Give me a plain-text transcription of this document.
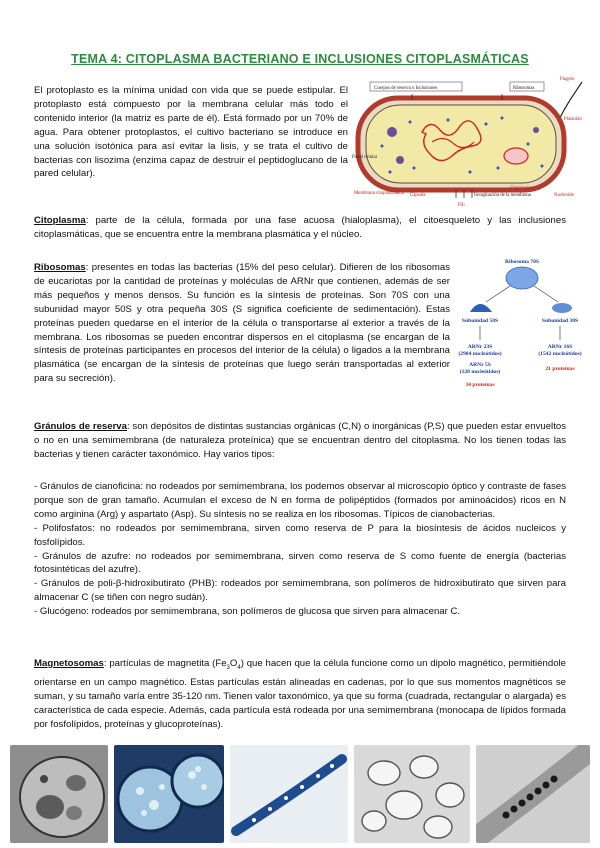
TEMA 4: CITOPLASMA BACTERIANO E INCLUSIONES CITOPLASMÁTICAS

El protoplasto es la mínima unidad con vida que se puede estipular. El protoplasto está compuesto por la membrana celular más todo el contenido interior (la matriz es parte de él). Está formado por un 70% de agua. Para obtener protoplastos, el cultivo bacteriano se introduce en una solución isotónica para así evitar la lisis, y se trata el cultivo de bacterias con lisozima (enzima capaz de destruir el peptidoglucano de la pared celular).

Flagelo
Cuerpos de reserva o Inclusiones	Ribosomas
Plásmido
Pared celular
Membrana citoplasmática Cápsula
Pili
Invaginación de la membrana
Citoplasma
Nucleoide

Citoplasma: parte de la célula, formada por una fase acuosa (hialoplasma), el citoesqueleto y las inclusiones citoplasmáticas, que se encuentra entre la membrana plasmática y el núcleo.

Ribosomas: presentes en todas las bacterias (15% del peso celular). Difieren de los ribosomas de eucariotas por la cantidad de proteínas y moléculas de ARNr que contienen, además de ser más pequeños y menos densos. Su función es la síntesis de proteínas. Son 70S con una subunidad mayor 50S y otra pequeña 30S (S significa coeficiente de sedimentación). Estas proteínas pueden quedarse en el interior de la célula o transportarse al exterior a través de la membrana. Los ribosomas se pueden encontrar dispersos en el citoplasma (se encargan de la síntesis de proteínas participantes en procesos del interior de la célula) o ligados a la membrana plasmática (se encargan de la síntesis de proteínas que luego serán transportadas al exterior para su secreción).

Ribosoma 70S
Subunidad 50S	Subunidad 30S
ARNr 23S
(2904 nucleótidos)
ARNr 5S
(120 nucleótidos)
ARNr 16S
(1542 nucleótidos)
34 proteínas
21 proteínas

Gránulos de reserva: son depósitos de distintas sustancias orgánicas (C,N) o inorgánicas (P,S) que pueden estar envueltos o no en una semimembrana (de naturaleza proteínica) que se encuentran dentro del citoplasma. No los tienen todas las bacterias y tienen carácter taxonómico. Hay varios tipos:

- Gránulos de cianoficina: no rodeados por semimembrana, los podemos observar al microscopio óptico y contraste de fases porque son de gran tamaño. Acumulan el exceso de N en forma de polipéptidos (formados por aminoácidos) ricos en N como arginina (Arg) y aspartato (Asp). Su síntesis no se realiza en los ribosomas. Típicos de cianobacterias.

- Polifosfatos: no rodeados por semimembrana, sirven como reserva de P para la biosíntesis de ácidos nucleicos y fosfolípidos.

- Gránulos de azufre: no rodeados por semimembrana, sirven como reserva de S como fuente de energía (bacterias fotosintéticas del azufre).

- Gránulos de poli-β-hidroxibutirato (PHB): rodeados por semimembrana, son polímeros de hidroxibutirato que sirven para almacenar C (se tiñen con negro sudán).

- Glucógeno: rodeados por semimembrana, son polímeros de glucosa que sirven para almacenar C.

Magnetosomas: partículas de magnetita $(Fe_3O_4)$ que hacen que la célula funcione como un dipolo magnético, permitiéndole orientarse en un campo magnético. Estas partículas están alineadas en cadenas, por lo que sus momentos magnéticos se suman, y su tamaño varía entre 35-120 nm. Tienen valor taxonómico, ya que su forma (cuadrada, rectangular o alargada) es característica de cada especie. Además, cada partícula está rodeada por una semimembrana (monocapa de lípidos formada por fosfolípidos, proteínas y glucoproteínas).
